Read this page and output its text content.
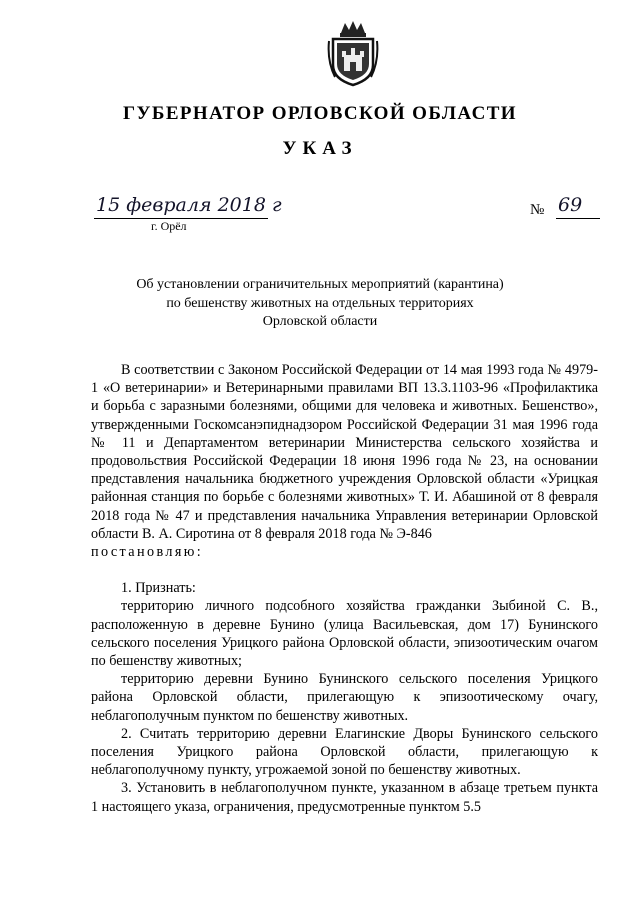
ГУБЕРНАТОР ОРЛОВСКОЙ ОБЛАСТИ
УКАЗ
15 февраля 2018 г
г. Орёл
№ 69
Об установлении ограничительных мероприятий (карантина)
по бешенству животных на отдельных территориях
Орловской области

В соответствии с Законом Российской Федерации от 14 мая 1993 года № 4979-1 «О ветеринарии» и Ветеринарными правилами ВП 13.3.1103-96 «Профилактика и борьба с заразными болезнями, общими для человека и животных. Бешенство», утвержденными Госкомсанэпиднадзором Российской Федерации 31 мая 1996 года № 11 и Департаментом ветеринарии Министерства сельского хозяйства и продовольствия Российской Федерации 18 июня 1996 года № 23, на основании представления начальника бюджетного учреждения Орловской области «Урицкая районная станция по борьбе с болезнями животных» Т. И. Абашиной от 8 февраля 2018 года № 47 и представления начальника Управления ветеринарии Орловской области В. А. Сиротина от 8 февраля 2018 года № Э-846

постановляю:

1. Признать:

территорию личного подсобного хозяйства гражданки Зыбиной С. В., расположенную в деревне Бунино (улица Васильевская, дом 17) Бунинского сельского поселения Урицкого района Орловской области, эпизоотическим очагом по бешенству животных;

территорию деревни Бунино Бунинского сельского поселения Урицкого района Орловской области, прилегающую к эпизоотическому очагу, неблагополучным пунктом по бешенству животных.

2. Считать территорию деревни Елагинские Дворы Бунинского сельского поселения Урицкого района Орловской области, прилегающую к неблагополучному пункту, угрожаемой зоной по бешенству животных.

3. Установить в неблагополучном пункте, указанном в абзаце третьем пункта 1 настоящего указа, ограничения, предусмотренные пунктом 5.5
